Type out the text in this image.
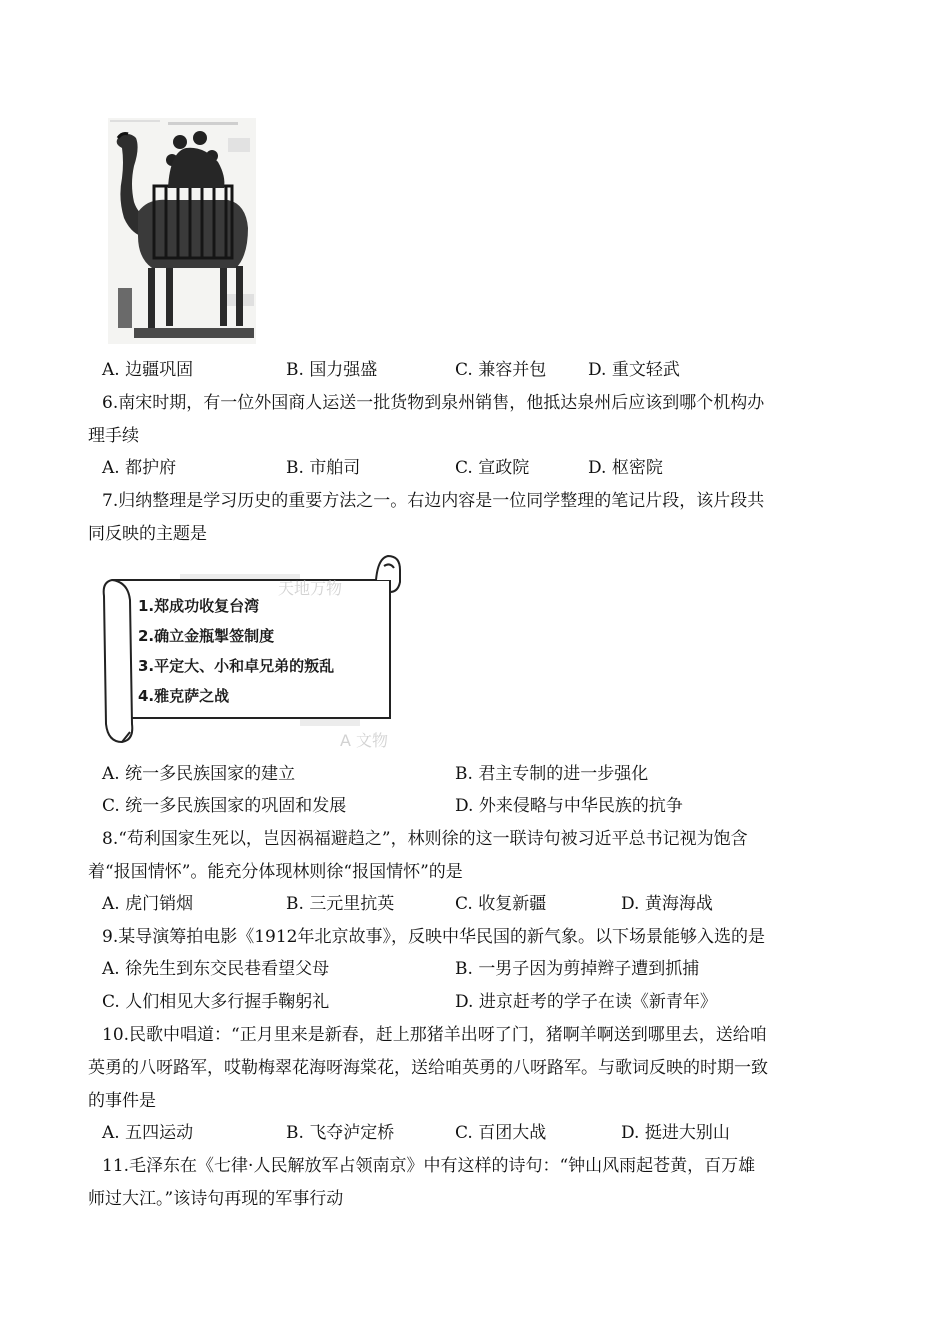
A. 边疆巩固	B. 国力强盛	C. 兼容并包 D. 重文轻武
6.南宋时期，有一位外国商人运送一批货物到泉州销售，他抵达泉州后应该到哪个机构办
理手续
A. 都护府	B. 市舶司	C. 宣政院	D. 枢密院
7.归纳整理是学习历史的重要方法之一。右边内容是一位同学整理的笔记片段，该片段共
同反映的主题是
天地万物
A 文物
1.郑成功收复台湾
2.确立金瓶掣签制度
3.平定大、小和卓兄弟的叛乱
4.雅克萨之战
A. 统一多民族国家的建立	B. 君主专制的进一步强化
C. 统一多民族国家的巩固和发展	D. 外来侵略与中华民族的抗争
8.“苟利国家生死以，岂因祸福避趋之”，林则徐的这一联诗句被习近平总书记视为饱含
着“报国情怀”。能充分体现林则徐“报国情怀”的是
A. 虎门销烟	B. 三元里抗英	C. 收复新疆	D. 黄海海战
9.某导演筹拍电影《1912年北京故事》，反映中华民国的新气象。以下场景能够入选的是
A. 徐先生到东交民巷看望父母	B. 一男子因为剪掉辫子遭到抓捕
C. 人们相见大多行握手鞠躬礼	D. 进京赶考的学子在读《新青年》
10.民歌中唱道：“正月里来是新春，赶上那猪羊出呀了门，猪啊羊啊送到哪里去，送给咱
英勇的八呀路军，哎勒梅翠花海呀海棠花，送给咱英勇的八呀路军。与歌词反映的时期一致
的事件是
A. 五四运动	B. 飞夺泸定桥	C. 百团大战	D. 挺进大别山
11.毛泽东在《七律·人民解放军占领南京》中有这样的诗句：“钟山风雨起苍黄，百万雄
师过大江。”该诗句再现的军事行动
